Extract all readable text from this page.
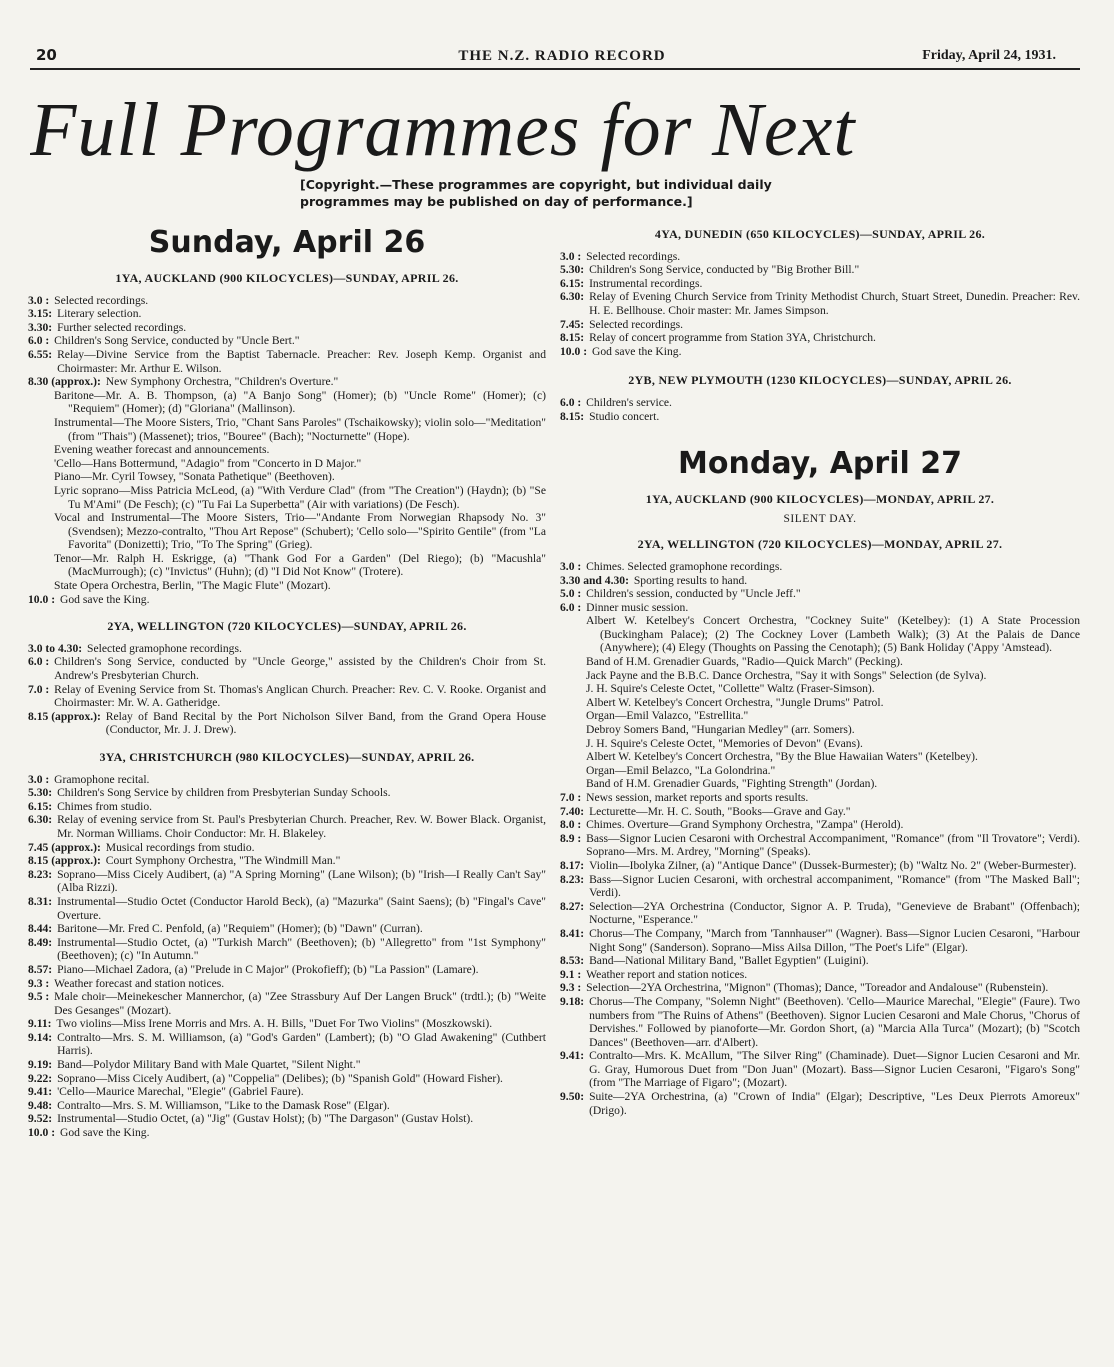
20	THE N.Z. RADIO RECORD	Friday, April 24, 1931.
Full Programmes for Next
[Copyright.—These programmes are copyright, but individual daily programmes may be published on day of performance.]
Sunday, April 26
1YA, AUCKLAND (900 KILOCYCLES)—SUNDAY, APRIL 26.
3.0 : Selected recordings.
3.15: Literary selection.
3.30: Further selected recordings.
6.0 : Children's Song Service, conducted by "Uncle Bert."
6.55: Relay—Divine Service from the Baptist Tabernacle. Preacher: Rev. Joseph Kemp. Organist and Choirmaster: Mr. Arthur E. Wilson.
8.30 (approx.): New Symphony Orchestra, "Children's Overture."
Baritone—Mr. A. B. Thompson, (a) "A Banjo Song" (Homer); (b) "Uncle Rome" (Homer); (c) "Requiem" (Homer); (d) "Gloriana" (Mallinson).
Instrumental—The Moore Sisters, Trio, "Chant Sans Paroles" (Tschaikowsky); violin solo—"Meditation" (from "Thais") (Massenet); trios, "Bouree" (Bach); "Nocturnette" (Hope).
Evening weather forecast and announcements.
'Cello—Hans Bottermund, "Adagio" from "Concerto in D Major."
Piano—Mr. Cyril Towsey, "Sonata Pathetique" (Beethoven).
Lyric soprano—Miss Patricia McLeod, (a) "With Verdure Clad" (from "The Creation") (Haydn); (b) "Se Tu M'Ami" (De Fesch); (c) "Tu Fai La Superbetta" (Air with variations) (De Fesch).
Vocal and Instrumental—The Moore Sisters, Trio—"Andante From Norwegian Rhapsody No. 3" (Svendsen); Mezzo-contralto, "Thou Art Repose" (Schubert); 'Cello solo—"Spirito Gentile" (from "La Favorita" (Donizetti); Trio, "To The Spring" (Grieg).
Tenor—Mr. Ralph H. Eskrigge, (a) "Thank God For a Garden" (Del Riego); (b) "Macushla" (MacMurrough); (c) "Invictus" (Huhn); (d) "I Did Not Know" (Trotere).
State Opera Orchestra, Berlin, "The Magic Flute" (Mozart).
10.0 : God save the King.
2YA, WELLINGTON (720 KILOCYCLES)—SUNDAY, APRIL 26.
3.0 to 4.30: Selected gramophone recordings.
6.0 : Children's Song Service, conducted by "Uncle George," assisted by the Children's Choir from St. Andrew's Presbyterian Church.
7.0 : Relay of Evening Service from St. Thomas's Anglican Church. Preacher: Rev. C. V. Rooke. Organist and Choirmaster: Mr. W. A. Gatheridge.
8.15 (approx.): Relay of Band Recital by the Port Nicholson Silver Band, from the Grand Opera House (Conductor, Mr. J. J. Drew).
3YA, CHRISTCHURCH (980 KILOCYCLES)—SUNDAY, APRIL 26.
3.0 : Gramophone recital.
5.30: Children's Song Service by children from Presbyterian Sunday Schools.
6.15: Chimes from studio.
6.30: Relay of evening service from St. Paul's Presbyterian Church. Preacher, Rev. W. Bower Black. Organist, Mr. Norman Williams. Choir Conductor: Mr. H. Blakeley.
7.45 (approx.): Musical recordings from studio.
8.15 (approx.): Court Symphony Orchestra, "The Windmill Man."
8.23: Soprano—Miss Cicely Audibert, (a) "A Spring Morning" (Lane Wilson); (b) "Irish—I Really Can't Say" (Alba Rizzi).
8.31: Instrumental—Studio Octet (Conductor Harold Beck), (a) "Mazurka" (Saint Saens); (b) "Fingal's Cave" Overture.
8.44: Baritone—Mr. Fred C. Penfold, (a) "Requiem" (Homer); (b) "Dawn" (Curran).
8.49: Instrumental—Studio Octet, (a) "Turkish March" (Beethoven); (b) "Allegretto" from "1st Symphony" (Beethoven); (c) "In Autumn."
8.57: Piano—Michael Zadora, (a) "Prelude in C Major" (Prokofieff); (b) "La Passion" (Lamare).
9.3 : Weather forecast and station notices.
9.5 : Male choir—Meinekescher Mannerchor, (a) "Zee Strassbury Auf Der Langen Bruck" (trdtl.); (b) "Weite Des Gesanges" (Mozart).
9.11: Two violins—Miss Irene Morris and Mrs. A. H. Bills, "Duet For Two Violins" (Moszkowski).
9.14: Contralto—Mrs. S. M. Williamson, (a) "God's Garden" (Lambert); (b) "O Glad Awakening" (Cuthbert Harris).
9.19: Band—Polydor Military Band with Male Quartet, "Silent Night."
9.22: Soprano—Miss Cicely Audibert, (a) "Coppelia" (Delibes); (b) "Spanish Gold" (Howard Fisher).
9.41: 'Cello—Maurice Marechal, "Elegie" (Gabriel Faure).
9.48: Contralto—Mrs. S. M. Williamson, "Like to the Damask Rose" (Elgar).
9.52: Instrumental—Studio Octet, (a) "Jig" (Gustav Holst); (b) "The Dargason" (Gustav Holst).
10.0 : God save the King.
4YA, DUNEDIN (650 KILOCYCLES)—SUNDAY, APRIL 26.
3.0 : Selected recordings.
5.30: Children's Song Service, conducted by "Big Brother Bill."
6.15: Instrumental recordings.
6.30: Relay of Evening Church Service from Trinity Methodist Church, Stuart Street, Dunedin. Preacher: Rev. H. E. Bellhouse. Choir master: Mr. James Simpson.
7.45: Selected recordings.
8.15: Relay of concert programme from Station 3YA, Christchurch.
10.0 : God save the King.
2YB, NEW PLYMOUTH (1230 KILOCYCLES)—SUNDAY, APRIL 26.
6.0 : Children's service.
8.15: Studio concert.
Monday, April 27
1YA, AUCKLAND (900 KILOCYCLES)—MONDAY, APRIL 27.
SILENT DAY.
2YA, WELLINGTON (720 KILOCYCLES)—MONDAY, APRIL 27.
3.0 : Chimes. Selected gramophone recordings.
3.30 and 4.30: Sporting results to hand.
5.0 : Children's session, conducted by "Uncle Jeff."
6.0 : Dinner music session.
Albert W. Ketelbey's Concert Orchestra, "Cockney Suite" (Ketelbey): (1) A State Procession (Buckingham Palace); (2) The Cockney Lover (Lambeth Walk); (3) At the Palais de Dance (Anywhere); (4) Elegy (Thoughts on Passing the Cenotaph); (5) Bank Holiday ('Appy 'Amstead).
Band of H.M. Grenadier Guards, "Radio—Quick March" (Pecking).
Jack Payne and the B.B.C. Dance Orchestra, "Say it with Songs" Selection (de Sylva).
J. H. Squire's Celeste Octet, "Collette" Waltz (Fraser-Simson).
Albert W. Ketelbey's Concert Orchestra, "Jungle Drums" Patrol.
Organ—Emil Valazco, "Estrellita."
Debroy Somers Band, "Hungarian Medley" (arr. Somers).
J. H. Squire's Celeste Octet, "Memories of Devon" (Evans).
Albert W. Ketelbey's Concert Orchestra, "By the Blue Hawaiian Waters" (Ketelbey).
Organ—Emil Belazco, "La Golondrina."
Band of H.M. Grenadier Guards, "Fighting Strength" (Jordan).
7.0 : News session, market reports and sports results.
7.40: Lecturette—Mr. H. C. South, "Books—Grave and Gay."
8.0 : Chimes. Overture—Grand Symphony Orchestra, "Zampa" (Herold).
8.9 : Bass—Signor Lucien Cesaroni with Orchestral Accompaniment, "Romance" (from "Il Trovatore"; Verdi). Soprano—Mrs. M. Ardrey, "Morning" (Speaks).
8.17: Violin—Ibolyka Zilner, (a) "Antique Dance" (Dussek-Burmester); (b) "Waltz No. 2" (Weber-Burmester).
8.23: Bass—Signor Lucien Cesaroni, with orchestral accompaniment, "Romance" (from "The Masked Ball"; Verdi).
8.27: Selection—2YA Orchestrina (Conductor, Signor A. P. Truda), "Genevieve de Brabant" (Offenbach); Nocturne, "Esperance."
8.41: Chorus—The Company, "March from 'Tannhauser'" (Wagner). Bass—Signor Lucien Cesaroni, "Harbour Night Song" (Sanderson). Soprano—Miss Ailsa Dillon, "The Poet's Life" (Elgar).
8.53: Band—National Military Band, "Ballet Egyptien" (Luigini).
9.1 : Weather report and station notices.
9.3 : Selection—2YA Orchestrina, "Mignon" (Thomas); Dance, "Toreador and Andalouse" (Rubenstein).
9.18: Chorus—The Company, "Solemn Night" (Beethoven). 'Cello—Maurice Marechal, "Elegie" (Faure). Two numbers from "The Ruins of Athens" (Beethoven). Signor Lucien Cesaroni and Male Chorus, "Chorus of Dervishes." Followed by pianoforte—Mr. Gordon Short, (a) "Marcia Alla Turca" (Mozart); (b) "Scotch Dances" (Beethoven—arr. d'Albert).
9.41: Contralto—Mrs. K. McAllum, "The Silver Ring" (Chaminade). Duet—Signor Lucien Cesaroni and Mr. G. Gray, Humorous Duet from "Don Juan" (Mozart). Bass—Signor Lucien Cesaroni, "Figaro's Song" (from "The Marriage of Figaro"; (Mozart).
9.50: Suite—2YA Orchestrina, (a) "Crown of India" (Elgar); Descriptive, "Les Deux Pierrots Amoreux" (Drigo).
